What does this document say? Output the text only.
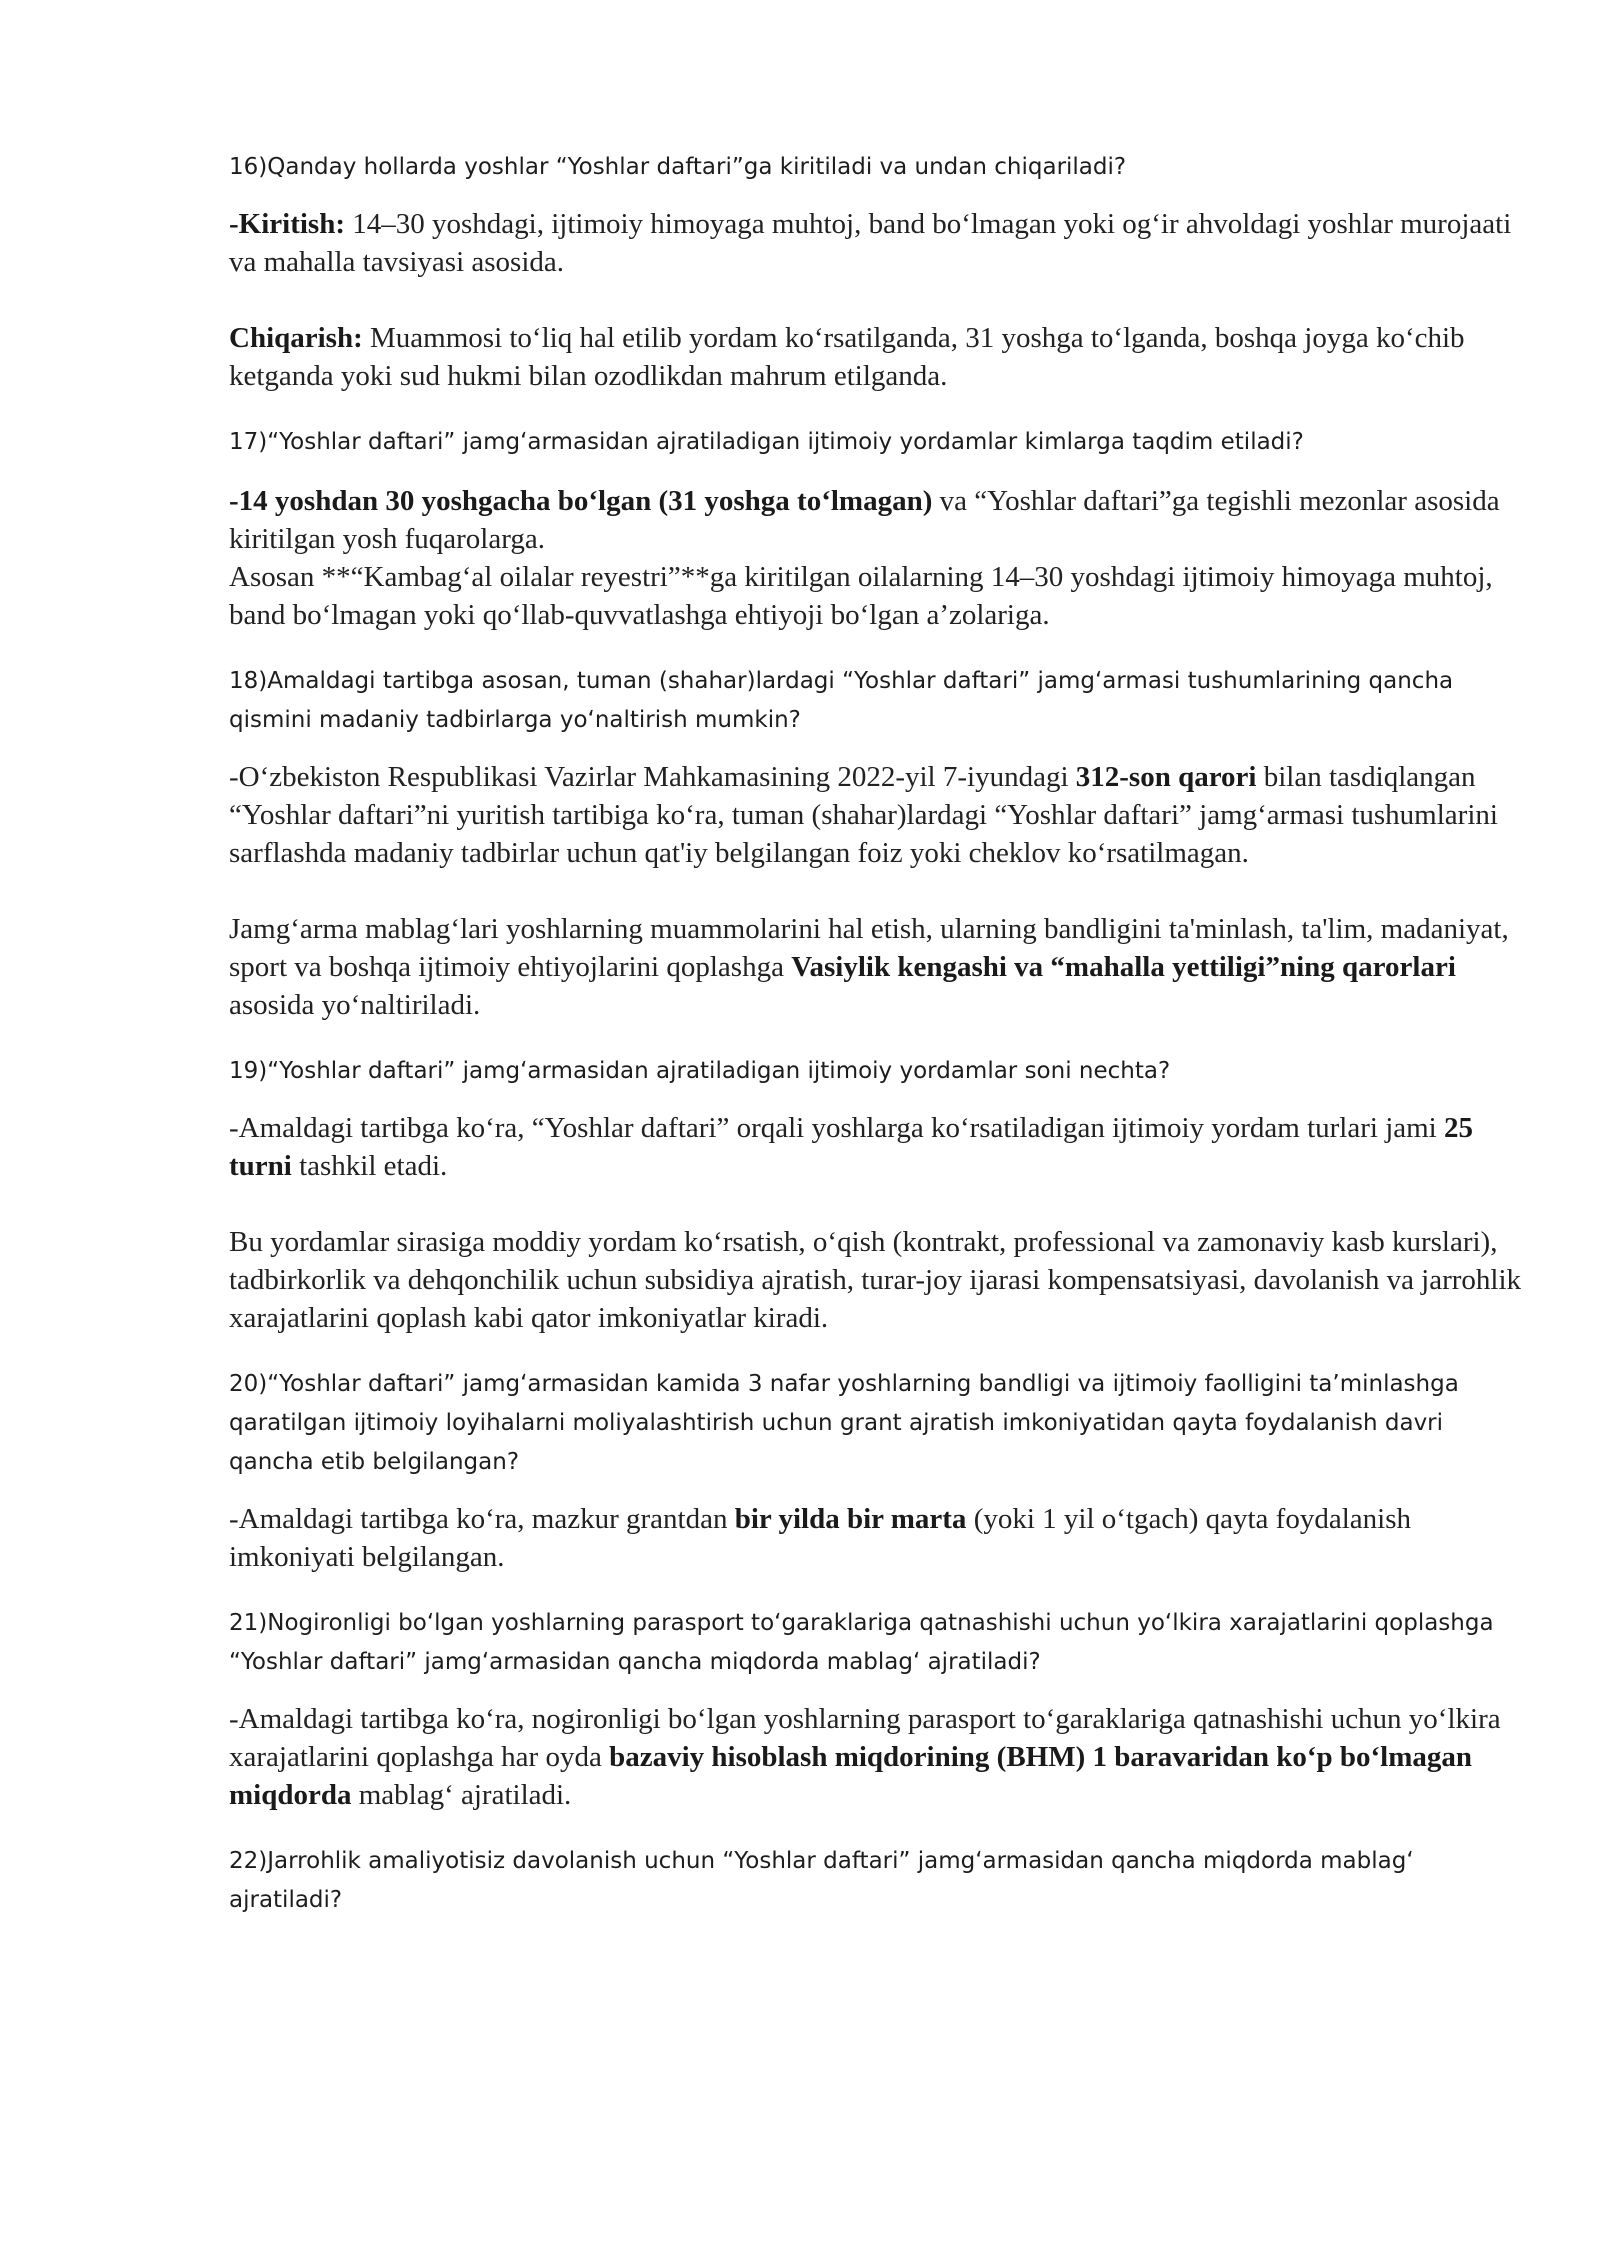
16)Qanday hollarda yoshlar “Yoshlar daftari”ga kiritiladi va undan chiqariladi?

-Kiritish: 14–30 yoshdagi, ijtimoiy himoyaga muhtoj, band boʻlmagan yoki ogʻir ahvoldagi yoshlar murojaati va mahalla tavsiyasi asosida.

Chiqarish: Muammosi toʻliq hal etilib yordam koʻrsatilganda, 31 yoshga toʻlganda, boshqa joyga koʻchib ketganda yoki sud hukmi bilan ozodlikdan mahrum etilganda.

17)“Yoshlar daftari” jamgʻarmasidan ajratiladigan ijtimoiy yordamlar kimlarga taqdim etiladi?

-14 yoshdan 30 yoshgacha boʻlgan (31 yoshga toʻlmagan) va “Yoshlar daftari”ga tegishli mezonlar asosida kiritilgan yosh fuqarolarga.

Asosan **“Kambagʻal oilalar reyestri”**ga kiritilgan oilalarning 14–30 yoshdagi ijtimoiy himoyaga muhtoj, band boʻlmagan yoki qoʻllab-quvvatlashga ehtiyoji boʻlgan a’zolariga.

18)Amaldagi tartibga asosan, tuman (shahar)lardagi “Yoshlar daftari” jamgʻarmasi tushumlarining qancha qismini madaniy tadbirlarga yoʻnaltirish mumkin?

-Oʻzbekiston Respublikasi Vazirlar Mahkamasining 2022-yil 7-iyundagi 312-son qarori bilan tasdiqlangan “Yoshlar daftari”ni yuritish tartibiga koʻra, tuman (shahar)lardagi “Yoshlar daftari” jamgʻarmasi tushumlarini sarflashda madaniy tadbirlar uchun qat'iy belgilangan foiz yoki cheklov koʻrsatilmagan.

Jamgʻarma mablagʻlari yoshlarning muammolarini hal etish, ularning bandligini ta'minlash, ta'lim, madaniyat, sport va boshqa ijtimoiy ehtiyojlarini qoplashga Vasiylik kengashi va “mahalla yettiligi”ning qarorlari asosida yoʻnaltiriladi.

19)“Yoshlar daftari” jamgʻarmasidan ajratiladigan ijtimoiy yordamlar soni nechta?

-Amaldagi tartibga koʻra, “Yoshlar daftari” orqali yoshlarga koʻrsatiladigan ijtimoiy yordam turlari jami 25 turni tashkil etadi.

Bu yordamlar sirasiga moddiy yordam koʻrsatish, oʻqish (kontrakt, professional va zamonaviy kasb kurslari), tadbirkorlik va dehqonchilik uchun subsidiya ajratish, turar-joy ijarasi kompensatsiyasi, davolanish va jarrohlik xarajatlarini qoplash kabi qator imkoniyatlar kiradi.

20)“Yoshlar daftari” jamgʻarmasidan kamida 3 nafar yoshlarning bandligi va ijtimoiy faolligini ta’minlashga qaratilgan ijtimoiy loyihalarni moliyalashtirish uchun grant ajratish imkoniyatidan qayta foydalanish davri qancha etib belgilangan?

-Amaldagi tartibga koʻra, mazkur grantdan bir yilda bir marta (yoki 1 yil oʻtgach) qayta foydalanish imkoniyati belgilangan.

21)Nogironligi boʻlgan yoshlarning parasport toʻgaraklariga qatnashishi uchun yoʻlkira xarajatlarini qoplashga “Yoshlar daftari” jamgʻarmasidan qancha miqdorda mablagʻ ajratiladi?

-Amaldagi tartibga koʻra, nogironligi boʻlgan yoshlarning parasport toʻgaraklariga qatnashishi uchun yoʻlkira xarajatlarini qoplashga har oyda bazaviy hisoblash miqdorining (BHM) 1 baravaridan koʻp boʻlmagan miqdorda mablagʻ ajratiladi.

22)Jarrohlik amaliyotisiz davolanish uchun “Yoshlar daftari” jamgʻarmasidan qancha miqdorda mablagʻ ajratiladi?
